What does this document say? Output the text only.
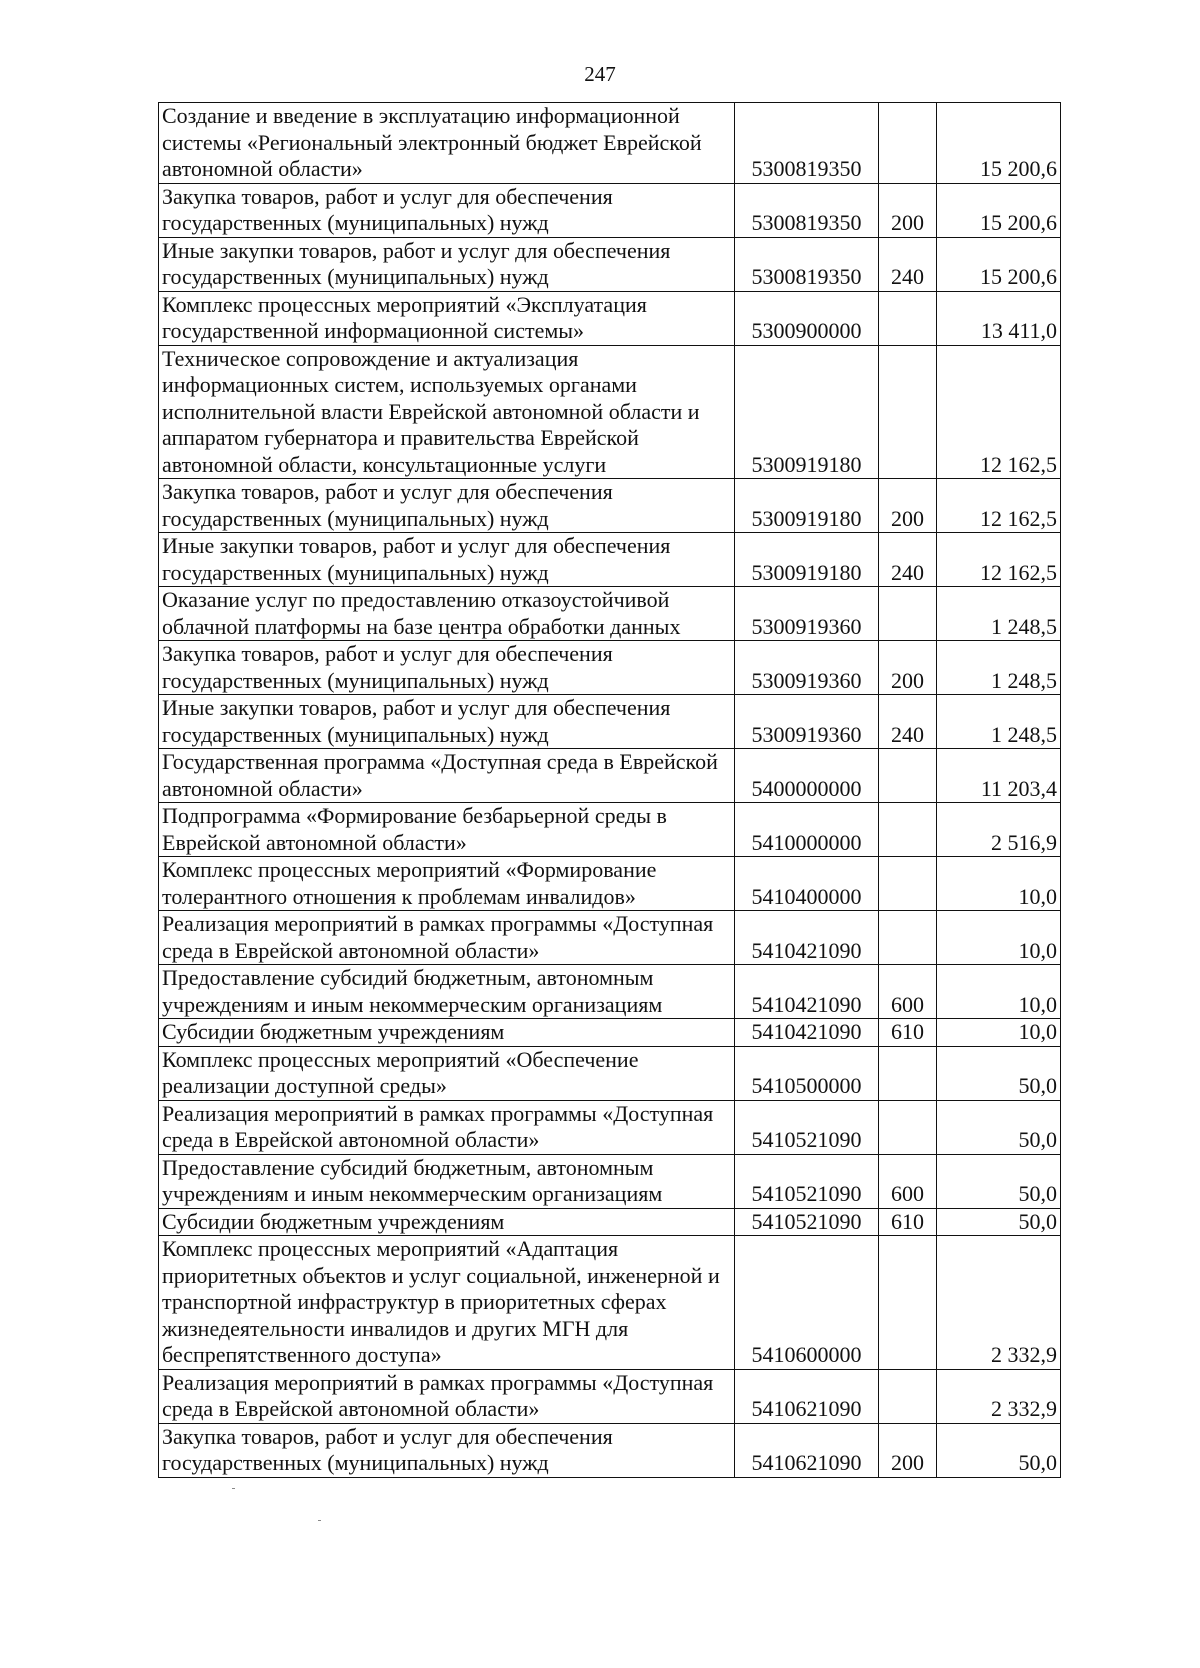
247
Создание и введение в эксплуатацию информационной системы «Региональный электронный бюджет Еврейской автономной области»	5300819350		15 200,6
Закупка товаров, работ и услуг для обеспечения государственных (муниципальных) нужд	5300819350	200	15 200,6
Иные закупки товаров, работ и услуг для обеспечения государственных (муниципальных) нужд	5300819350	240	15 200,6
Комплекс процессных мероприятий «Эксплуатация государственной информационной системы»	5300900000		13 411,0
Техническое сопровождение и актуализация информационных систем, используемых органами исполнительной власти Еврейской автономной области и аппаратом губернатора и правительства Еврейской автономной области, консультационные услуги	5300919180		12 162,5
Закупка товаров, работ и услуг для обеспечения государственных (муниципальных) нужд	5300919180	200	12 162,5
Иные закупки товаров, работ и услуг для обеспечения государственных (муниципальных) нужд	5300919180	240	12 162,5
Оказание услуг по предоставлению отказоустойчивой облачной платформы на базе центра обработки данных	5300919360		1 248,5
Закупка товаров, работ и услуг для обеспечения государственных (муниципальных) нужд	5300919360	200	1 248,5
Иные закупки товаров, работ и услуг для обеспечения государственных (муниципальных) нужд	5300919360	240	1 248,5
Государственная программа «Доступная среда в Еврейской автономной области»	5400000000		11 203,4
Подпрограмма «Формирование безбарьерной среды в Еврейской автономной области»	5410000000		2 516,9
Комплекс процессных мероприятий «Формирование толерантного отношения к проблемам инвалидов»	5410400000		10,0
Реализация мероприятий в рамках программы «Доступная среда в Еврейской автономной области»	5410421090		10,0
Предоставление субсидий бюджетным, автономным учреждениям и иным некоммерческим организациям	5410421090	600	10,0
Субсидии бюджетным учреждениям	5410421090	610	10,0
Комплекс процессных мероприятий «Обеспечение реализации доступной среды»	5410500000		50,0
Реализация мероприятий в рамках программы «Доступная среда в Еврейской автономной области»	5410521090		50,0
Предоставление субсидий бюджетным, автономным учреждениям и иным некоммерческим организациям	5410521090	600	50,0
Субсидии бюджетным учреждениям	5410521090	610	50,0
Комплекс процессных мероприятий «Адаптация приоритетных объектов и услуг социальной, инженерной и транспортной инфраструктур в приоритетных сферах жизнедеятельности инвалидов и других МГН для беспрепятственного доступа»	5410600000		2 332,9
Реализация мероприятий в рамках программы «Доступная среда в Еврейской автономной области»	5410621090		2 332,9
Закупка товаров, работ и услуг для обеспечения государственных (муниципальных) нужд	5410621090	200	50,0
